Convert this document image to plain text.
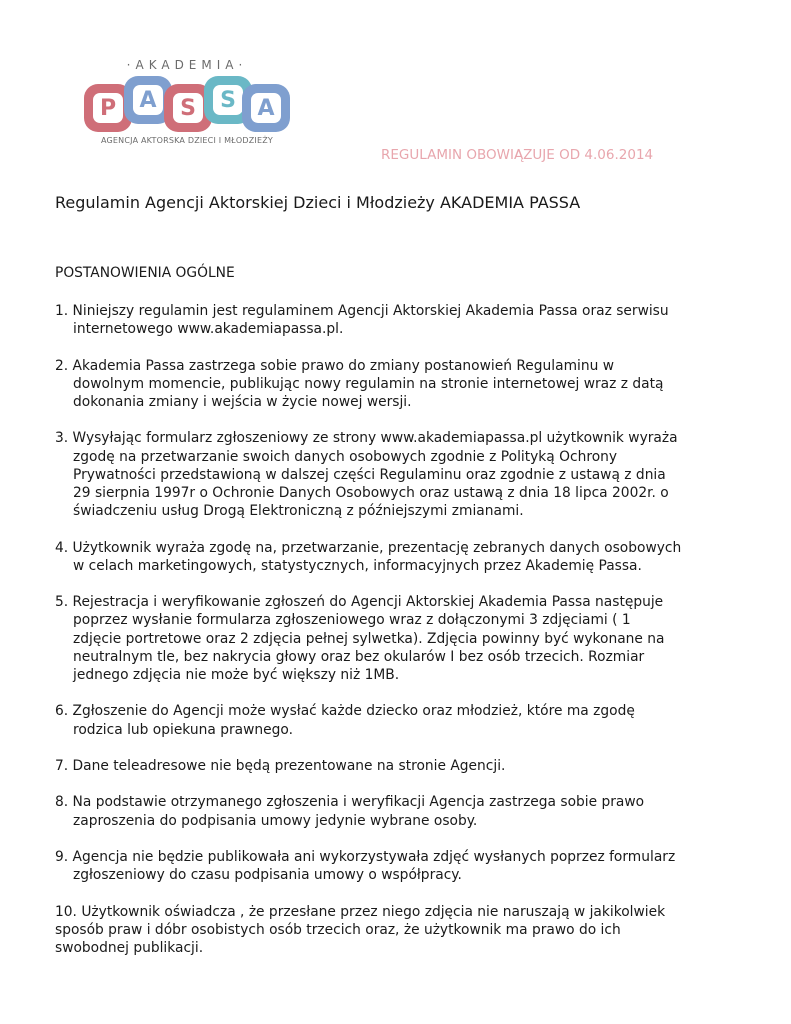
·AKADEMIA·
P	A	S	S A
AGENCJA AKTORSKA DZIECI I MŁODZIEŻY
REGULAMIN OBOWIĄZUJE OD 4.06.2014
Regulamin Agencji Aktorskiej Dzieci i Młodzieży AKADEMIA PASSA
POSTANOWIENIA OGÓLNE
1. Niniejszy regulamin jest regulaminem Agencji Aktorskiej Akademia Passa oraz serwisu
internetowego www.akademiapassa.pl.
2. Akademia Passa zastrzega sobie prawo do zmiany postanowień Regulaminu w
dowolnym momencie, publikując nowy regulamin na stronie internetowej wraz z datą
dokonania zmiany i wejścia w życie nowej wersji.
3. Wysyłając formularz zgłoszeniowy ze strony www.akademiapassa.pl użytkownik wyraża
zgodę na przetwarzanie swoich danych osobowych zgodnie z Polityką Ochrony
Prywatności przedstawioną w dalszej części Regulaminu oraz zgodnie z ustawą z dnia
29 sierpnia 1997r o Ochronie Danych Osobowych oraz ustawą z dnia 18 lipca 2002r. o
świadczeniu usług Drogą Elektroniczną z późniejszymi zmianami.
4. Użytkownik wyraża zgodę na, przetwarzanie, prezentację zebranych danych osobowych
w celach marketingowych, statystycznych, informacyjnych przez Akademię Passa.
5. Rejestracja i weryfikowanie zgłoszeń do Agencji Aktorskiej Akademia Passa następuje
poprzez wysłanie formularza zgłoszeniowego wraz z dołączonymi 3 zdjęciami ( 1
zdjęcie portretowe oraz 2 zdjęcia pełnej sylwetka). Zdjęcia powinny być wykonane na
neutralnym tle, bez nakrycia głowy oraz bez okularów I bez osób trzecich. Rozmiar
jednego zdjęcia nie może być większy niż 1MB.
6. Zgłoszenie do Agencji może wysłać każde dziecko oraz młodzież, które ma zgodę
rodzica lub opiekuna prawnego.
7. Dane teleadresowe nie będą prezentowane na stronie Agencji.
8. Na podstawie otrzymanego zgłoszenia i weryfikacji Agencja zastrzega sobie prawo
zaproszenia do podpisania umowy jedynie wybrane osoby.
9. Agencja nie będzie publikowała ani wykorzystywała zdjęć wysłanych poprzez formularz
zgłoszeniowy do czasu podpisania umowy o współpracy.
10. Użytkownik oświadcza , że przesłane przez niego zdjęcia nie naruszają w jakikolwiek
sposób praw i dóbr osobistych osób trzecich oraz, że użytkownik ma prawo do ich
swobodnej publikacji.
